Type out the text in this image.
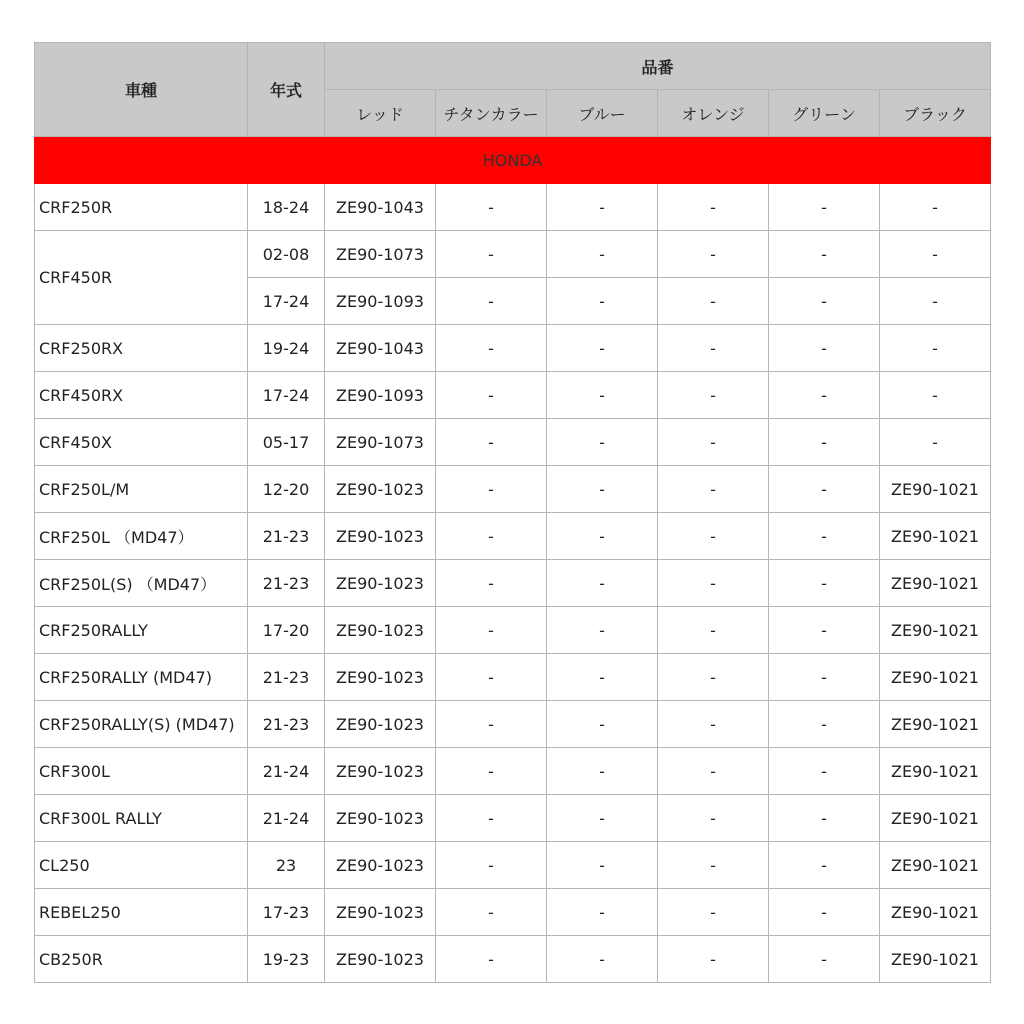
車種	年式	品番					
		レッド	チタンカラー	ブルー	オレンジ	グリーン	ブラック
HONDA							
CRF250R	18-24	ZE90-1043	-	-	-	-	-
CRF450R	02-08	ZE90-1073	-	-	-	-	-
	17-24	ZE90-1093	-	-	-	-	-
CRF250RX	19-24	ZE90-1043	-	-	-	-	-
CRF450RX	17-24	ZE90-1093	-	-	-	-	-
CRF450X	05-17	ZE90-1073	-	-	-	-	-
CRF250L/M	12-20	ZE90-1023	-	-	-	-	ZE90-1021
CRF250L （MD47）	21-23	ZE90-1023	-	-	-	-	ZE90-1021
CRF250L(S) （MD47）	21-23	ZE90-1023	-	-	-	-	ZE90-1021
CRF250RALLY	17-20	ZE90-1023	-	-	-	-	ZE90-1021
CRF250RALLY (MD47)	21-23	ZE90-1023	-	-	-	-	ZE90-1021
CRF250RALLY(S) (MD47)	21-23	ZE90-1023	-	-	-	-	ZE90-1021
CRF300L	21-24	ZE90-1023	-	-	-	-	ZE90-1021
CRF300L RALLY	21-24	ZE90-1023	-	-	-	-	ZE90-1021
CL250	23	ZE90-1023	-	-	-	-	ZE90-1021
REBEL250	17-23	ZE90-1023	-	-	-	-	ZE90-1021
CB250R	19-23	ZE90-1023	-	-	-	-	ZE90-1021
